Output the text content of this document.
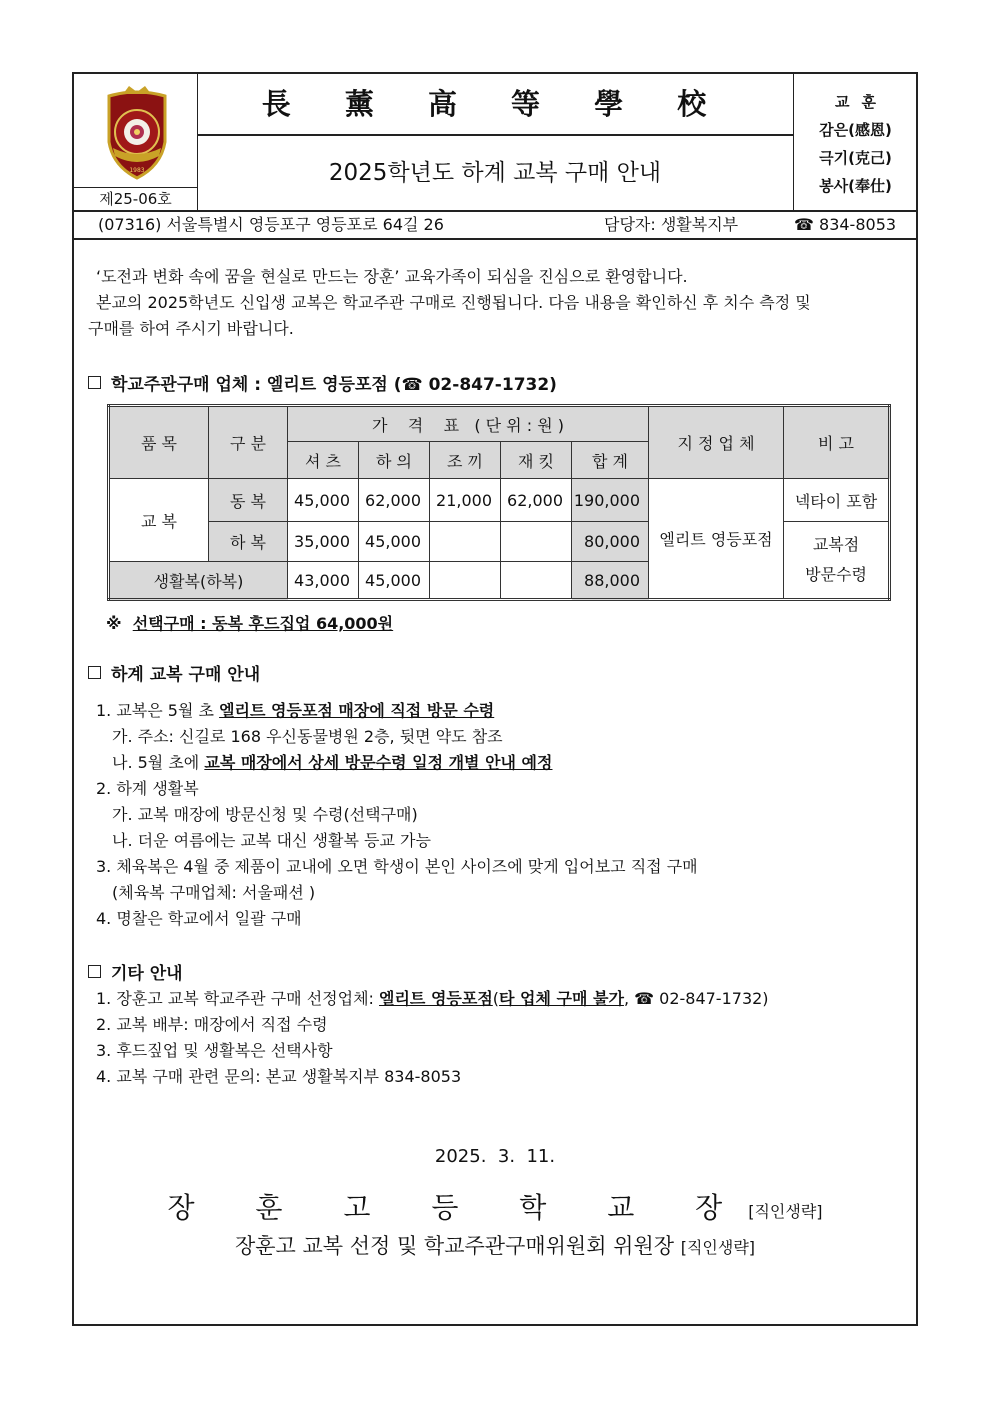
1983
제25-06호
長 薰 高 等 學 校
2025학년도 하계 교복 구매 안내
교훈
감은(感恩)
극기(克己)
봉사(奉仕)
(07316) 서울특별시 영등포구 영등포로 64길 26	담당자: 생활복지부	☎ 834-8053

‘도전과 변화 속에 꿈을 현실로 만드는 장훈’ 교육가족이 되심을 진심으로 환영합니다.

본교의 2025학년도 신입생 교복은 학교주관 구매로 진행됩니다. 다음 내용을 확인하신 후 치수 측정 및

구매를 하여 주시기 바랍니다.

학교주관구매 업체 : 엘리트 영등포점 (☎ 02-847-1732)
품 목	구 분	가    격    표   ( 단 위 : 원 )					지 정 업 체	비 고
		셔 츠	하 의	조 끼	재 킷	합 계		
교 복	동 복	45,000	62,000	21,000	62,000	190,000	엘리트 영등포점	넥타이 포함
	하 복	35,000	45,000			80,000		교복점
방문수령

생활복(하복)		43,000	45,000			88,000		
※ 선택구매 : 동복 후드집업 64,000원
하계 교복 구매 안내
1. 교복은 5월 초 엘리트 영등포점 매장에 직접 방문 수령
가. 주소: 신길로 168 우신동물병원 2층, 뒷면 약도 참조
나. 5월 초에 교복 매장에서 상세 방문수령 일정 개별 안내 예정
2. 하계 생활복
가. 교복 매장에 방문신청 및 수령(선택구매)
나. 더운 여름에는 교복 대신 생활복 등교 가능
3. 체육복은 4월 중 제품이 교내에 오면 학생이 본인 사이즈에 맞게 입어보고 직접 구매
(체육복 구매업체: 서울패션 )
4. 명찰은 학교에서 일괄 구매
기타 안내
1. 장훈고 교복 학교주관 구매 선정업체: 엘리트 영등포점(타 업체 구매 불가, ☎ 02-847-1732)
2. 교복 배부: 매장에서 직접 수령
3. 후드짚업 및 생활복은 선택사항
4. 교복 구매 관련 문의: 본교 생활복지부 834-8053
2025.  3.  11.
장 훈 고 등 학 교 장[직인생략]
장훈고 교복 선정 및 학교주관구매위원회 위원장 [직인생략]
